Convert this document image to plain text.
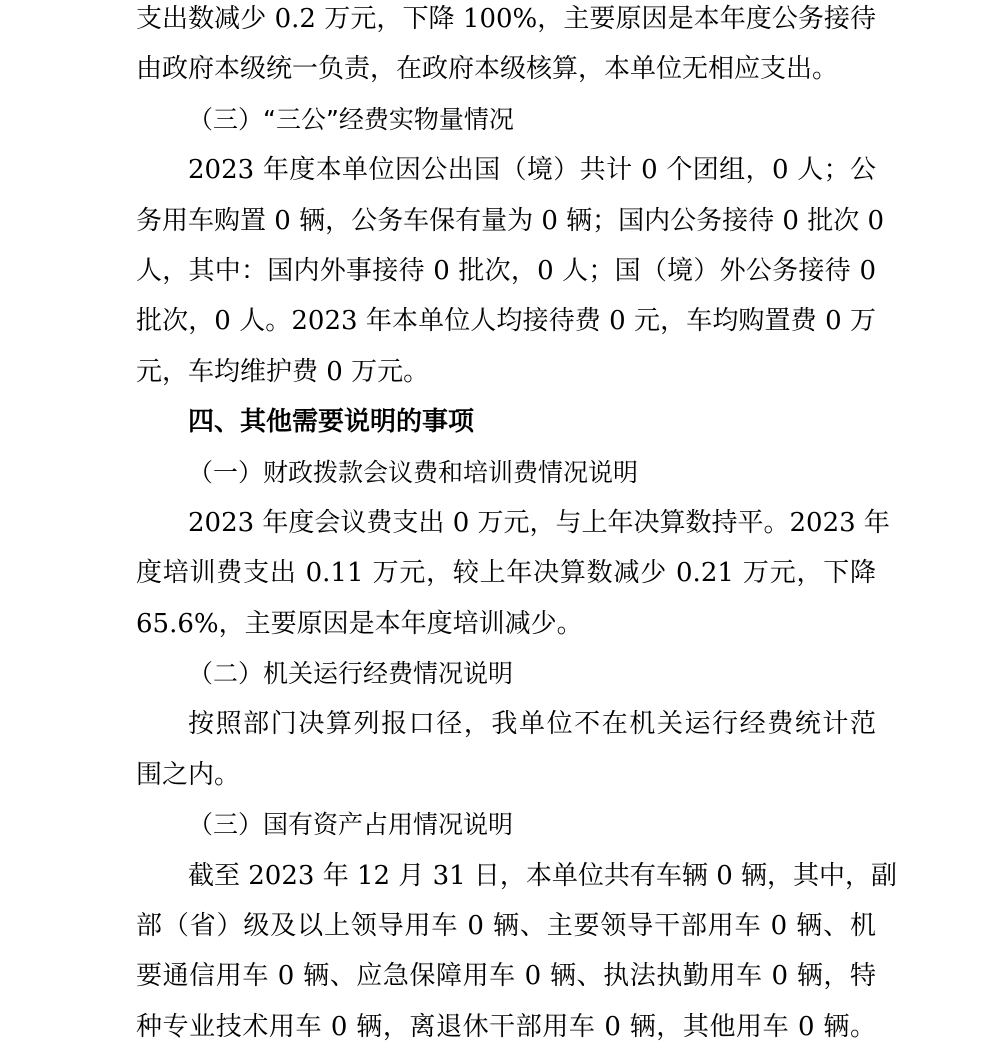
支出数减少 0.2 万元，下降 100%，主要原因是本年度公务接待
由政府本级统一负责，在政府本级核算，本单位无相应支出。
（三）“三公”经费实物量情况
2023 年度本单位因公出国（境）共计 0 个团组，0 人；公
务用车购置 0 辆，公务车保有量为 0 辆；国内公务接待 0 批次 0
人，其中：国内外事接待 0 批次，0 人；国（境）外公务接待 0
批次，0 人。2023 年本单位人均接待费 0 元，车均购置费 0 万
元，车均维护费 0 万元。
四、其他需要说明的事项
（一）财政拨款会议费和培训费情况说明
2023 年度会议费支出 0 万元，与上年决算数持平。2023 年
度培训费支出 0.11 万元，较上年决算数减少 0.21 万元，下降
65.6%，主要原因是本年度培训减少。
（二）机关运行经费情况说明
按照部门决算列报口径，我单位不在机关运行经费统计范
围之内。
（三）国有资产占用情况说明
截至 2023 年 12 月 31 日，本单位共有车辆 0 辆，其中，副
部（省）级及以上领导用车 0 辆、主要领导干部用车 0 辆、机
要通信用车 0 辆、应急保障用车 0 辆、执法执勤用车 0 辆，特
种专业技术用车 0 辆，离退休干部用车 0 辆，其他用车 0 辆。
